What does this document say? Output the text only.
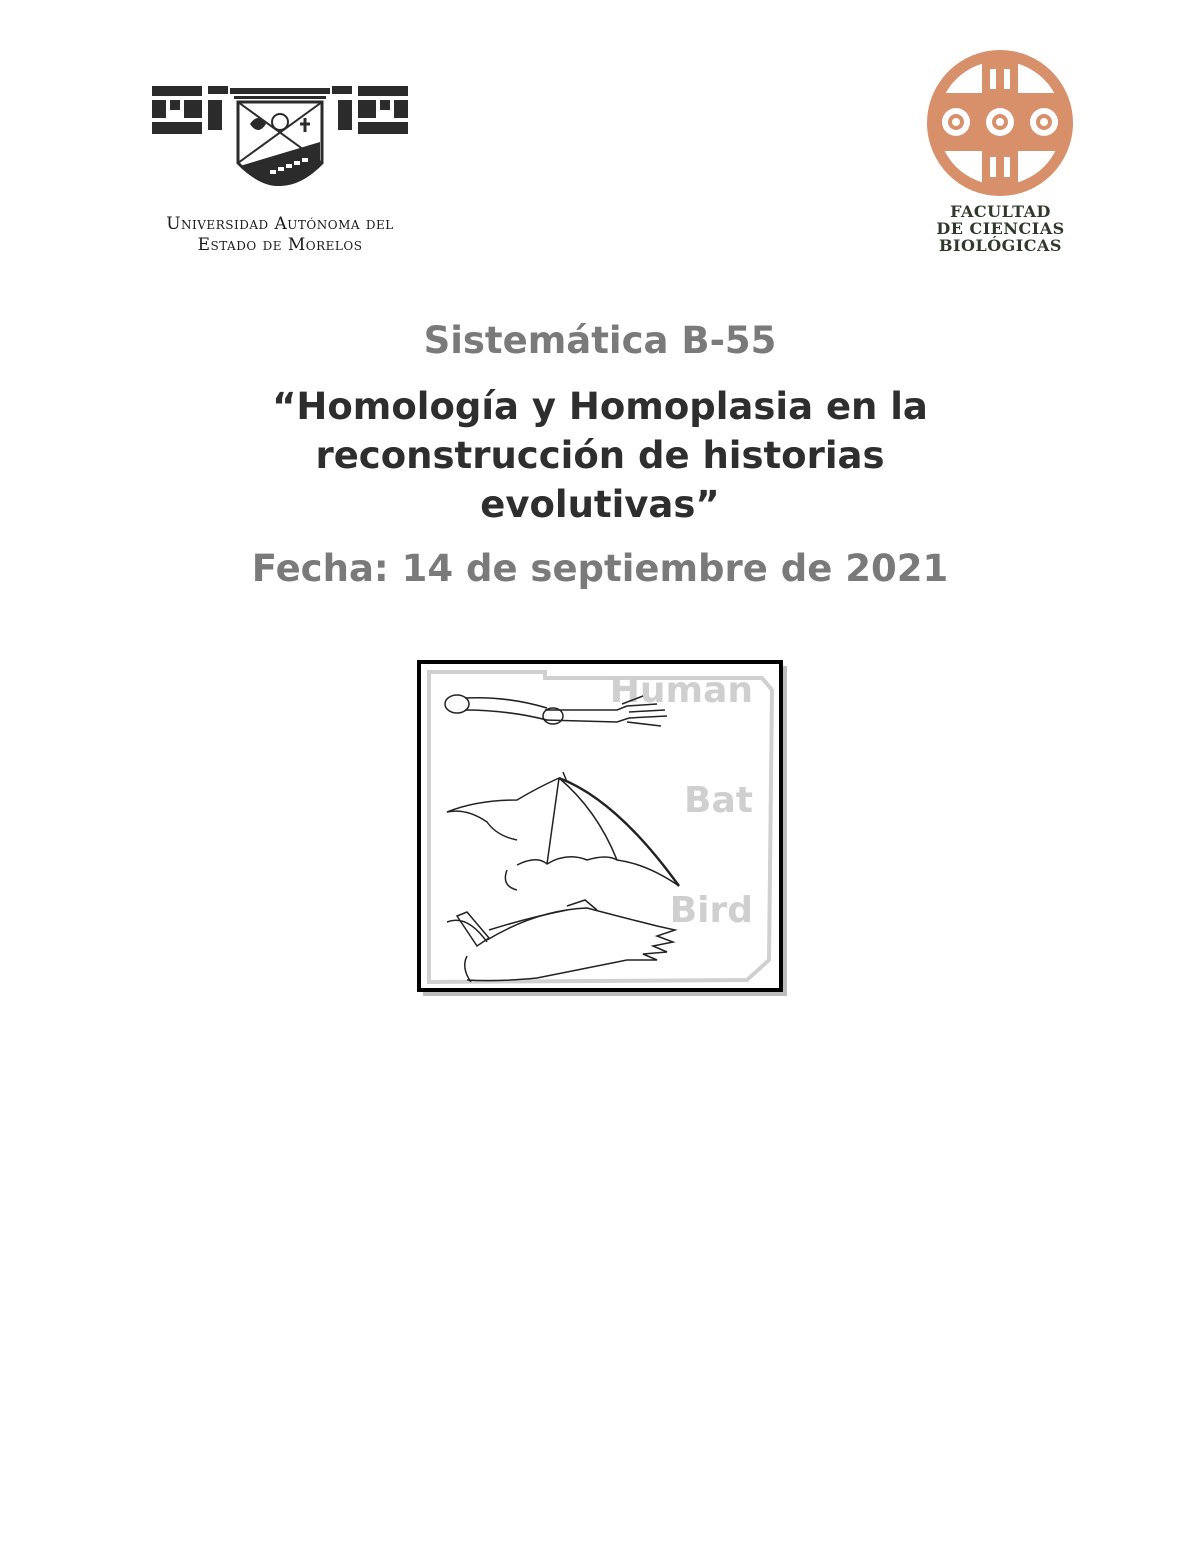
Universidad Autónoma del
Estado de Morelos
FACULTAD
DE CIENCIAS
BIOLÓGICAS
Sistemática B-55
“Homología y Homoplasia en la
reconstrucción de historias
evolutivas”
Fecha: 14 de septiembre de 2021
Human
Bat
Bird
